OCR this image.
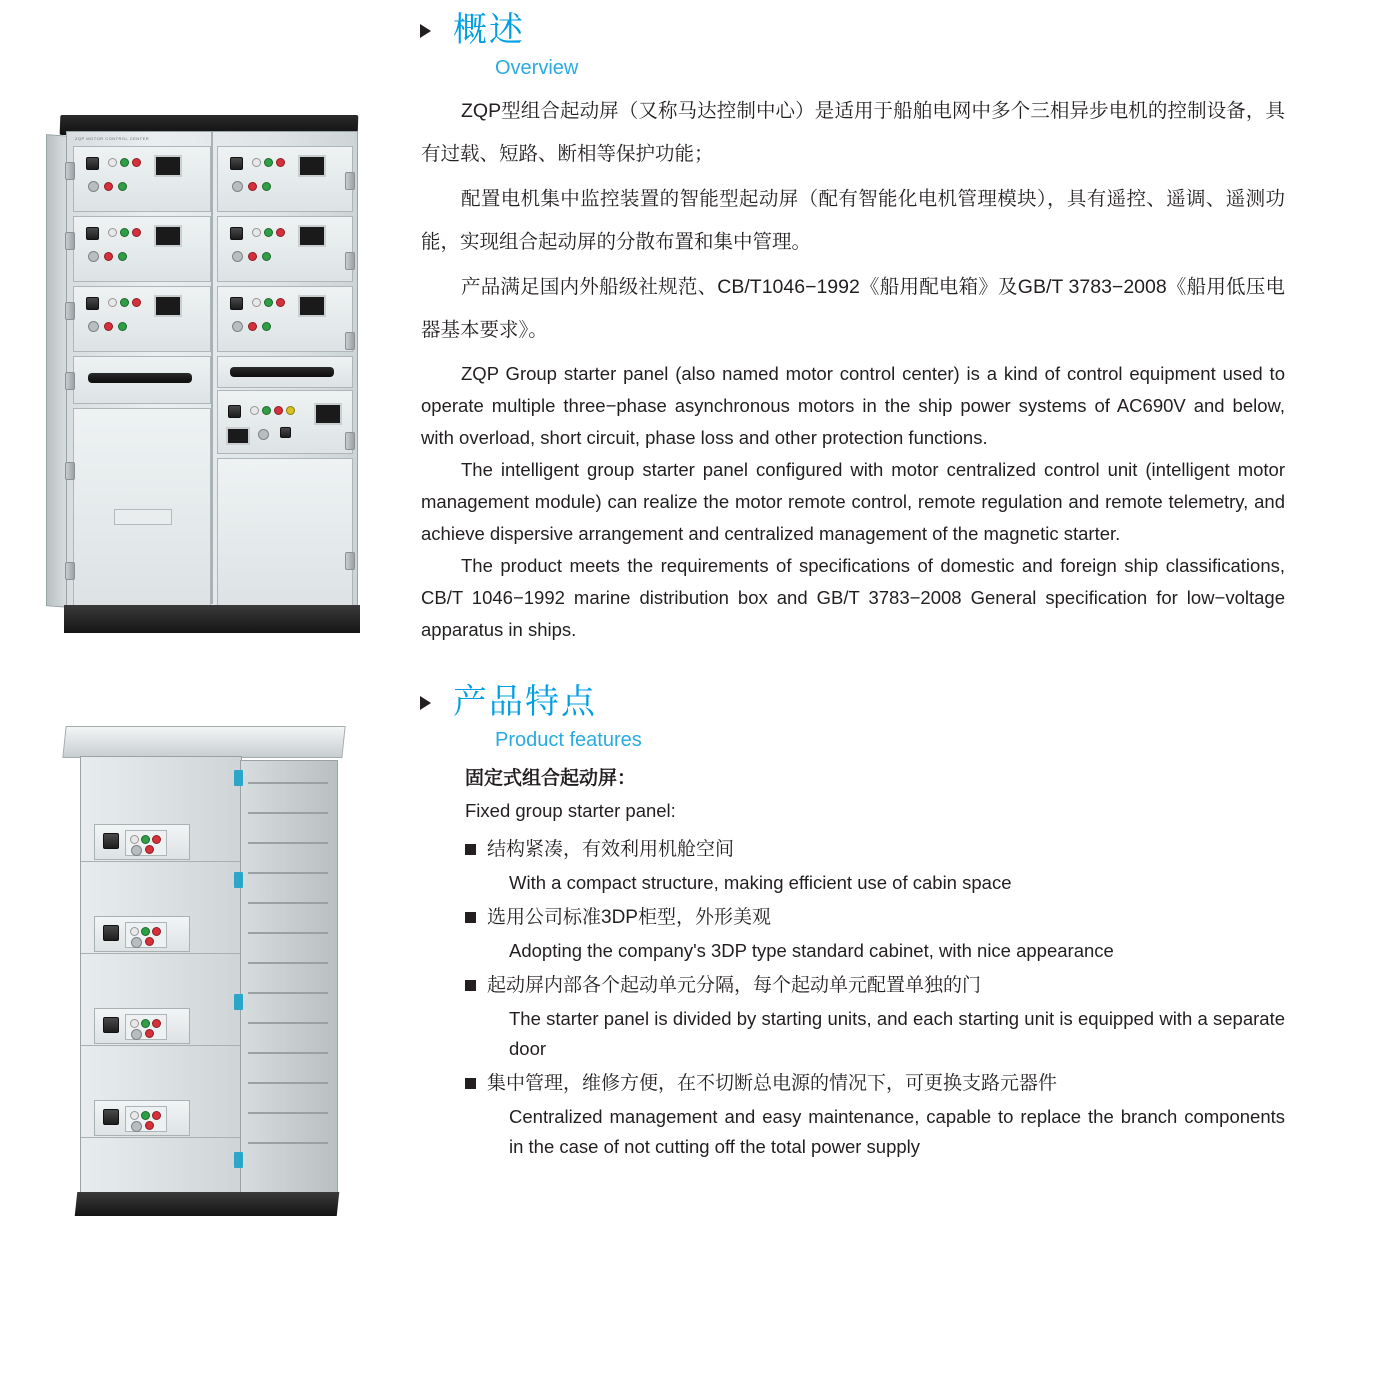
ZQP MOTOR CONTROL CENTER
概述
Overview

ZQP型组合起动屏（又称马达控制中心）是适用于船舶电网中多个三相异步电机的控制设备，具有过载、短路、断相等保护功能；

配置电机集中监控装置的智能型起动屏（配有智能化电机管理模块），具有遥控、遥调、遥测功能，实现组合起动屏的分散布置和集中管理。

产品满足国内外船级社规范、CB/T1046−1992《船用配电箱》及GB/T 3783−2008《船用低压电器基本要求》。

ZQP Group starter panel (also named motor control center) is a kind of control equipment used to operate multiple three−phase asynchronous motors in the ship power systems of AC690V and below, with overload, short circuit, phase loss and other protection functions.

The intelligent group starter panel configured with motor centralized control unit (intelligent motor management module) can realize the motor remote control, remote regulation and remote telemetry, and achieve dispersive arrangement and centralized management of the magnetic starter.

The product meets the requirements of specifications of domestic and foreign ship classifications, CB/T 1046−1992 marine distribution box and GB/T 3783−2008 General specification for low−voltage apparatus in ships.

产品特点
Product features
固定式组合起动屏：
Fixed group starter panel:
结构紧凑，有效利用机舱空间
With a compact structure, making efficient use of cabin space
选用公司标准3DP柜型，外形美观
Adopting the company's 3DP type standard cabinet, with nice appearance
起动屏内部各个起动单元分隔，每个起动单元配置单独的门
The starter panel is divided by starting units, and each starting unit is equipped with a separate door
集中管理，维修方便，在不切断总电源的情况下，可更换支路元器件
Centralized management and easy maintenance, capable to replace the branch components in the case of not cutting off the total power supply
